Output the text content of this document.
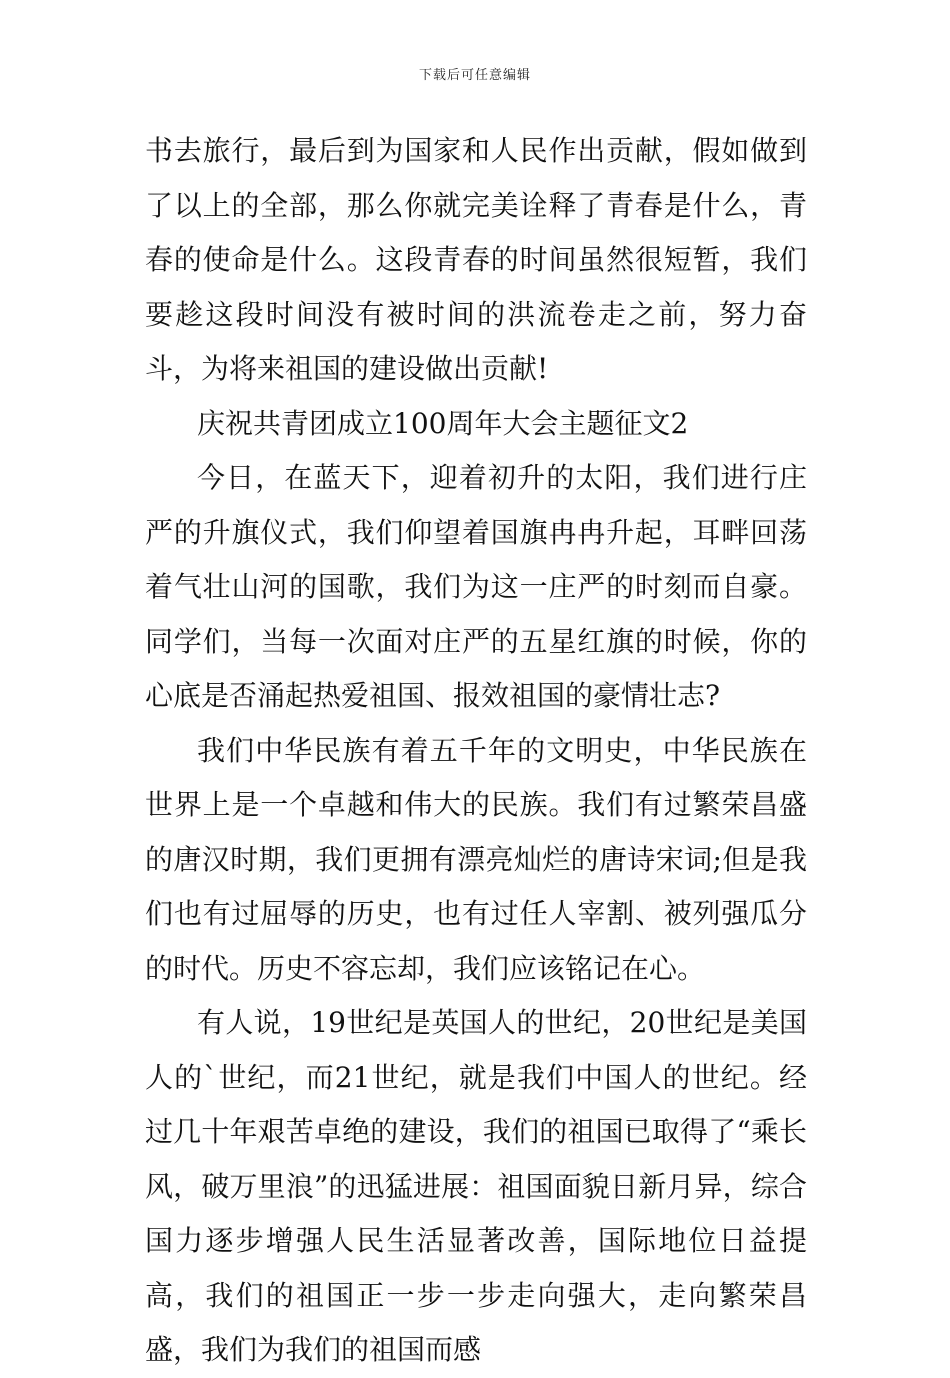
下载后可任意编辑

书去旅行，最后到为国家和人民作出贡献，假如做到了以上的全部，那么你就完美诠释了青春是什么，青春的使命是什么。这段青春的时间虽然很短暂，我们要趁这段时间没有被时间的洪流卷走之前，努力奋斗，为将来祖国的建设做出贡献!

庆祝共青团成立100周年大会主题征文2

今日，在蓝天下，迎着初升的太阳，我们进行庄严的升旗仪式，我们仰望着国旗冉冉升起，耳畔回荡着气壮山河的国歌，我们为这一庄严的时刻而自豪。同学们，当每一次面对庄严的五星红旗的时候，你的心底是否涌起热爱祖国、报效祖国的豪情壮志?

我们中华民族有着五千年的文明史，中华民族在世界上是一个卓越和伟大的民族。我们有过繁荣昌盛的唐汉时期，我们更拥有漂亮灿烂的唐诗宋词;但是我们也有过屈辱的历史，也有过任人宰割、被列强瓜分的时代。历史不容忘却，我们应该铭记在心。

有人说，19世纪是英国人的世纪，20世纪是美国人的`世纪，而21世纪，就是我们中国人的世纪。经过几十年艰苦卓绝的建设，我们的祖国已取得了“乘长风，破万里浪”的迅猛进展：祖国面貌日新月异，综合国力逐步增强人民生活显著改善，国际地位日益提高，我们的祖国正一步一步走向强大，走向繁荣昌盛，我们为我们的祖国而感
